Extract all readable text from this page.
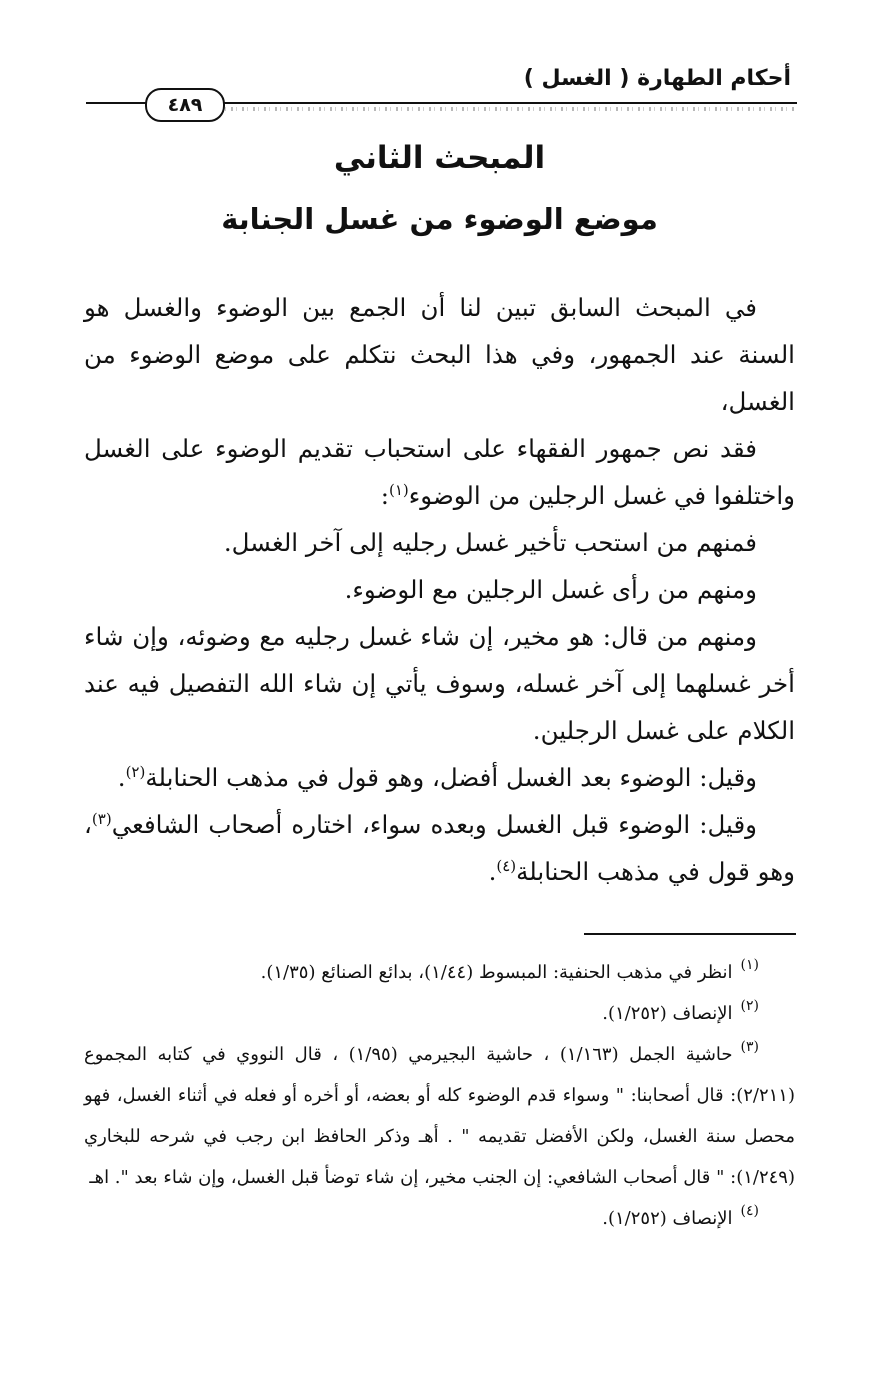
أحكام الطهارة ( الغسل )
٤٨٩
المبحث الثاني
موضع الوضوء من غسل الجنابة

في المبحث السابق تبين لنا أن الجمع بين الوضوء والغسل هو السنة عند الجمهور، وفي هذا البحث نتكلم على موضع الوضوء من الغسل،

فقد نص جمهور الفقهاء على استحباب تقديم الوضوء على الغسل واختلفوا في غسل الرجلين من الوضوء$^{(١)}$:

فمنهم من استحب تأخير غسل رجليه إلى آخر الغسل.

ومنهم من رأى غسل الرجلين مع الوضوء.

ومنهم من قال: هو مخير، إن شاء غسل رجليه مع وضوئه، وإن شاء أخر غسلهما إلى آخر غسله، وسوف يأتي إن شاء الله التفصيل فيه عند الكلام على غسل الرجلين.

وقيل: الوضوء بعد الغسل أفضل، وهو قول في مذهب الحنابلة$^{(٢)}$.

وقيل: الوضوء قبل الغسل وبعده سواء، اختاره أصحاب الشافعي$^{(٣)}$، وهو قول في مذهب الحنابلة$^{(٤)}$.

$^{(١)}$انظر في مذهب الحنفية: المبسوط (١/٤٤)، بدائع الصنائع (١/٣٥).

$^{(٢)}$الإنصاف (١/٢٥٢).

$^{(٣)}$حاشية الجمل (١/١٦٣) ، حاشية البجيرمي (١/٩٥) ، قال النووي في كتابه المجموع (٢/٢١١): قال أصحابنا: " وسواء قدم الوضوء كله أو بعضه، أو أخره أو فعله في أثناء الغسل، فهو محصل سنة الغسل، ولكن الأفضل تقديمه " . أهـ وذكر الحافظ ابن رجب في شرحه للبخاري (١/٢٤٩): " قال أصحاب الشافعي: إن الجنب مخير، إن شاء توضأ قبل الغسل، وإن شاء بعد ". اهـ

$^{(٤)}$الإنصاف (١/٢٥٢).
